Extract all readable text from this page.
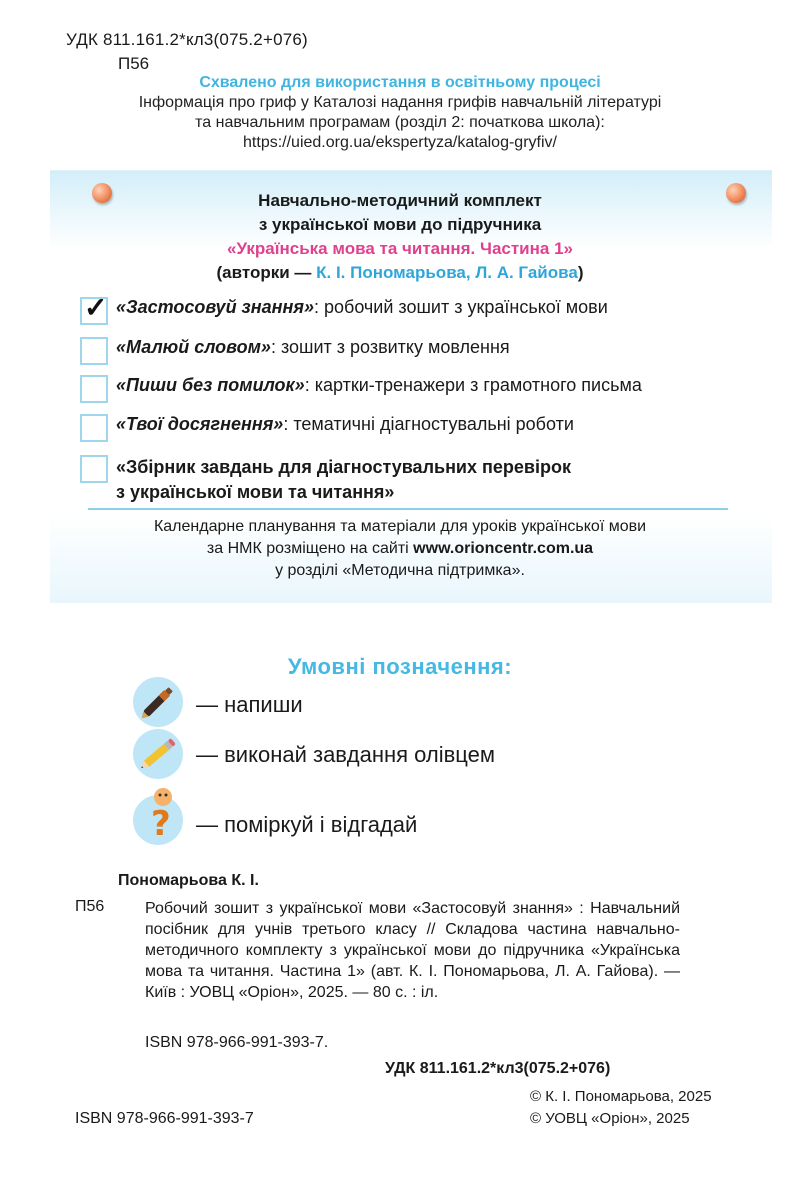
УДК 811.161.2*кл3(075.2+076)
П56
Схвалено для використання в освітньому процесі
Інформація про гриф у Каталозі надання грифів навчальній літературі
та навчальним програмам (розділ 2: початкова школа):
https://uied.org.ua/ekspertyza/katalog-gryfiv/
Навчально-методичний комплект
з української мови до підручника
«Українська мова та читання. Частина 1»
(авторки — К. І. Пономарьова, Л. А. Гайова)
✓ «Застосовуй знання»: робочий зошит з української мови
«Малюй словом»: зошит з розвитку мовлення
«Пиши без помилок»: картки-тренажери з грамотного письма
«Твої досягнення»: тематичні діагностувальні роботи
«Збірник завдань для діагностувальних перевірок
з української мови та читання»
Календарне планування та матеріали для уроків української мови
за НМК розміщено на сайті www.orioncentr.com.ua
у розділі «Методична підтримка».
Умовні позначення:
— напиши
— виконай завдання олівцем
? — поміркуй і відгадай
Пономарьова К. І.
П56	Робочий зошит з української мови «Застосовуй знання» : Навчальний посібник для учнів третього класу // Складова частина навчально-методичного комплекту з української мови до підручника «Українська мова та читання. Частина 1» (авт. К. І. Пономарьова, Л. А. Гайова). — Київ : УОВЦ «Оріон», 2025. — 80 с. : іл.
ISBN 978-966-991-393-7.
УДК 811.161.2*кл3(075.2+076)
© К. І. Пономарьова, 2025
© УОВЦ «Оріон», 2025
ISBN 978-966-991-393-7
